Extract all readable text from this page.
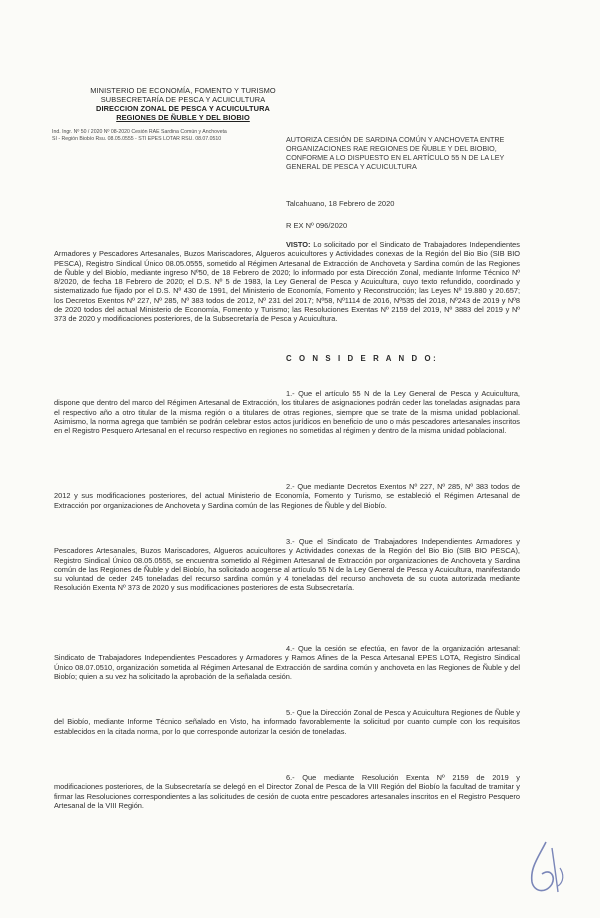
MINISTERIO DE ECONOMÍA, FOMENTO Y TURISMO
SUBSECRETARÍA DE PESCA Y ACUICULTURA
DIRECCION ZONAL DE PESCA Y ACUICULTURA
REGIONES DE ÑUBLE Y DEL BIOBIO
Ind. Ingr. Nº 50 / 2020 Nº 08-2020 Cesión RAE Sardina Común y Anchoveta
SI - Región Biobío Rsu. 08.05.0555 - STI EPES LOTAR RSU. 08.07.0510	AUTORIZA CESIÓN DE SARDINA COMÚN Y ANCHOVETA ENTRE ORGANIZACIONES RAE REGIONES DE ÑUBLE Y DEL BIOBIO, CONFORME A LO DISPUESTO EN EL ARTÍCULO 55 N DE LA LEY GENERAL DE PESCA Y ACUICULTURA
Talcahuano, 18 Febrero de 2020
R EX Nº 096/2020
VISTO: Lo solicitado por el Sindicato de Trabajadores Independientes Armadores y Pescadores Artesanales, Buzos Mariscadores, Algueros acuicultores y Actividades conexas de la Región del Bio Bio (SIB BIO PESCA), Registro Sindical Único 08.05.0555, sometido al Régimen Artesanal de Extracción de Anchoveta y Sardina común de las Regiones de Ñuble y del Biobío, mediante ingreso Nº50, de 18 Febrero de 2020; lo informado por esta Dirección Zonal, mediante Informe Técnico Nº 8/2020, de fecha 18 Febrero de 2020; el D.S. Nº 5 de 1983, la Ley General de Pesca y Acuicultura, cuyo texto refundido, coordinado y sistematizado fue fijado por el D.S. Nº 430 de 1991, del Ministerio de Economía, Fomento y Reconstrucción; las Leyes Nº 19.880 y 20.657; los Decretos Exentos Nº 227, Nº 285, Nº 383 todos de 2012, Nº 231 del 2017; Nº58, Nº1114 de 2016, Nº535 del 2018, Nº243 de 2019 y Nº8 de 2020 todos del actual Ministerio de Economía, Fomento y Turismo; las Resoluciones Exentas Nº 2159 del 2019, Nº 3883 del 2019 y Nº 373 de 2020 y modificaciones posteriores, de la Subsecretaría de Pesca y Acuicultura.
C O N S I D E R A N D O:
1.- Que el artículo 55 N de la Ley General de Pesca y Acuicultura, dispone que dentro del marco del Régimen Artesanal de Extracción, los titulares de asignaciones podrán ceder las toneladas asignadas para el respectivo año a otro titular de la misma región o a titulares de otras regiones, siempre que se trate de la misma unidad poblacional. Asimismo, la norma agrega que también se podrán celebrar estos actos jurídicos en beneficio de uno o más pescadores artesanales inscritos en el Registro Pesquero Artesanal en el recurso respectivo en regiones no sometidas al régimen y dentro de la misma unidad poblacional.
2.- Que mediante Decretos Exentos Nº 227, Nº 285, Nº 383 todos de 2012 y sus modificaciones posteriores, del actual Ministerio de Economía, Fomento y Turismo, se estableció el Régimen Artesanal de Extracción por organizaciones de Anchoveta y Sardina común de las Regiones de Ñuble y del Biobío.
3.- Que el Sindicato de Trabajadores Independientes Armadores y Pescadores Artesanales, Buzos Mariscadores, Algueros acuicultores y Actividades conexas de la Región del Bio Bio (SIB BIO PESCA), Registro Sindical Único 08.05.0555, se encuentra sometido al Régimen Artesanal de Extracción por organizaciones de Anchoveta y Sardina común de las Regiones de Ñuble y del Biobío, ha solicitado acogerse al artículo 55 N de la Ley General de Pesca y Acuicultura, manifestando su voluntad de ceder 245 toneladas del recurso sardina común y 4 toneladas del recurso anchoveta de su cuota autorizada mediante Resolución Exenta Nº 373 de 2020 y sus modificaciones posteriores de esta Subsecretaría.
4.- Que la cesión se efectúa, en favor de la organización artesanal: Sindicato de Trabajadores Independientes Pescadores y Armadores y Ramos Afines de la Pesca Artesanal EPES LOTA, Registro Sindical Único 08.07.0510, organización sometida al Régimen Artesanal de Extracción de sardina común y anchoveta en las Regiones de Ñuble y del Biobío; quien a su vez ha solicitado la aprobación de la señalada cesión.
5.- Que la Dirección Zonal de Pesca y Acuicultura Regiones de Ñuble y del Biobío, mediante Informe Técnico señalado en Visto, ha informado favorablemente la solicitud por cuanto cumple con los requisitos establecidos en la citada norma, por lo que corresponde autorizar la cesión de toneladas.
6.- Que mediante Resolución Exenta Nº 2159 de 2019 y modificaciones posteriores, de la Subsecretaría se delegó en el Director Zonal de Pesca de la VIII Región del Biobío la facultad de tramitar y firmar las Resoluciones correspondientes a las solicitudes de cesión de cuota entre pescadores artesanales inscritos en el Registro Pesquero Artesanal de la VIII Región.
